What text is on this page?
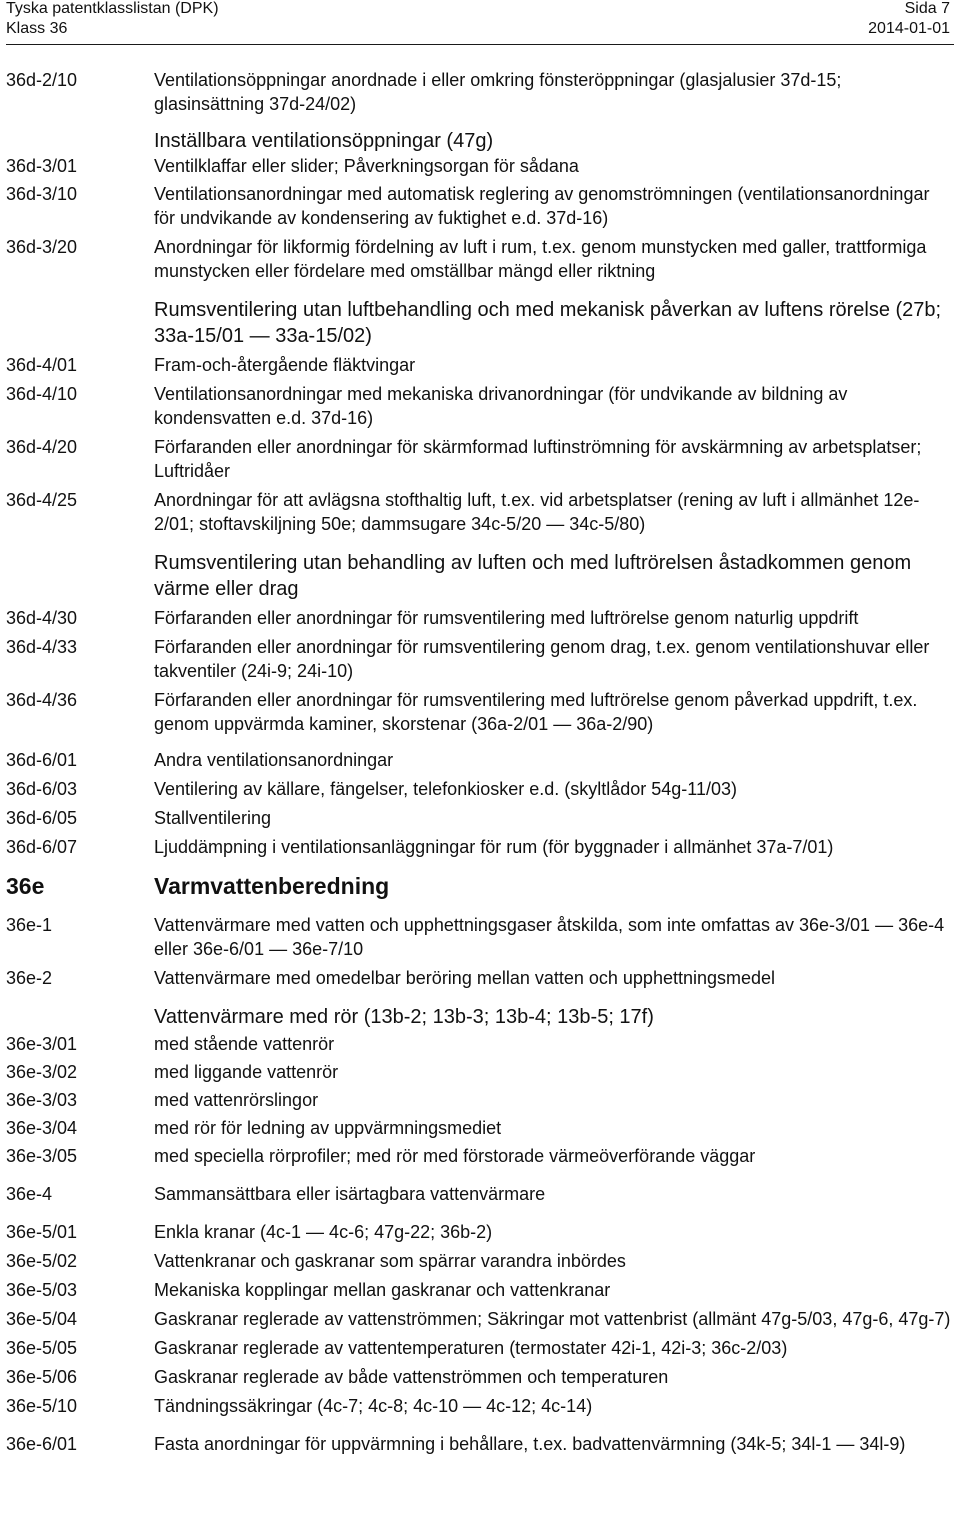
Tyska patentklasslistan (DPK)
Klass 36
Sida 7
2014-01-01
36d-2/10	Ventilationsöppningar anordnade i eller omkring fönsteröppningar (glasjalusier 37d-15; glasinsättning 37d-24/02)
Inställbara ventilationsöppningar (47g)
36d-3/01	Ventilklaffar eller slider; Påverkningsorgan för sådana
36d-3/10	Ventilationsanordningar med automatisk reglering av genomströmningen (ventilationsanordningar för undvikande av kondensering av fuktighet e.d. 37d-16)
36d-3/20	Anordningar för likformig fördelning av luft i rum, t.ex. genom munstycken med galler, trattformiga munstycken eller fördelare med omställbar mängd eller riktning
Rumsventilering utan luftbehandling och med mekanisk påverkan av luftens rörelse (27b; 33a-15/01 — 33a-15/02)
36d-4/01	Fram-och-återgående fläktvingar
36d-4/10	Ventilationsanordningar med mekaniska drivanordningar (för undvikande av bildning av kondensvatten e.d. 37d-16)
36d-4/20	Förfaranden eller anordningar för skärmformad luftinströmning för avskärmning av arbetsplatser; Luftridåer
36d-4/25	Anordningar för att avlägsna stofthaltig luft, t.ex. vid arbetsplatser (rening av luft i allmänhet 12e-2/01; stoftavskiljning 50e; dammsugare 34c-5/20 — 34c-5/80)
Rumsventilering utan behandling av luften och med luftrörelsen åstadkommen genom värme eller drag
36d-4/30	Förfaranden eller anordningar för rumsventilering med luftrörelse genom naturlig uppdrift
36d-4/33	Förfaranden eller anordningar för rumsventilering genom drag, t.ex. genom ventilationshuvar eller takventiler (24i-9; 24i-10)
36d-4/36	Förfaranden eller anordningar för rumsventilering med luftrörelse genom påverkad uppdrift, t.ex. genom uppvärmda kaminer, skorstenar (36a-2/01 — 36a-2/90)
36d-6/01	Andra ventilationsanordningar
36d-6/03	Ventilering av källare, fängelser, telefonkiosker e.d. (skyltlådor 54g-11/03)
36d-6/05	Stallventilering
36d-6/07	Ljuddämpning i ventilationsanläggningar för rum (för byggnader i allmänhet 37a-7/01)
36e	Varmvattenberedning
36e-1	Vattenvärmare med vatten och upphettningsgaser åtskilda, som inte omfattas av 36e-3/01 — 36e-4 eller 36e-6/01 — 36e-7/10
36e-2	Vattenvärmare med omedelbar beröring mellan vatten och upphettningsmedel
Vattenvärmare med rör (13b-2; 13b-3; 13b-4; 13b-5; 17f)
36e-3/01	med stående vattenrör
36e-3/02	med liggande vattenrör
36e-3/03	med vattenrörslingor
36e-3/04	med rör för ledning av uppvärmningsmediet
36e-3/05	med speciella rörprofiler; med rör med förstorade värmeöverförande väggar
36e-4	Sammansättbara eller isärtagbara vattenvärmare
36e-5/01	Enkla kranar (4c-1 — 4c-6; 47g-22; 36b-2)
36e-5/02	Vattenkranar och gaskranar som spärrar varandra inbördes
36e-5/03	Mekaniska kopplingar mellan gaskranar och vattenkranar
36e-5/04	Gaskranar reglerade av vattenströmmen; Säkringar mot vattenbrist (allmänt 47g-5/03, 47g-6, 47g-7)
36e-5/05	Gaskranar reglerade av vattentemperaturen (termostater 42i-1, 42i-3; 36c-2/03)
36e-5/06	Gaskranar reglerade av både vattenströmmen och temperaturen
36e-5/10	Tändningssäkringar (4c-7; 4c-8; 4c-10 — 4c-12; 4c-14)
36e-6/01	Fasta anordningar för uppvärmning i behållare, t.ex. badvattenvärmning (34k-5; 34l-1 — 34l-9)
